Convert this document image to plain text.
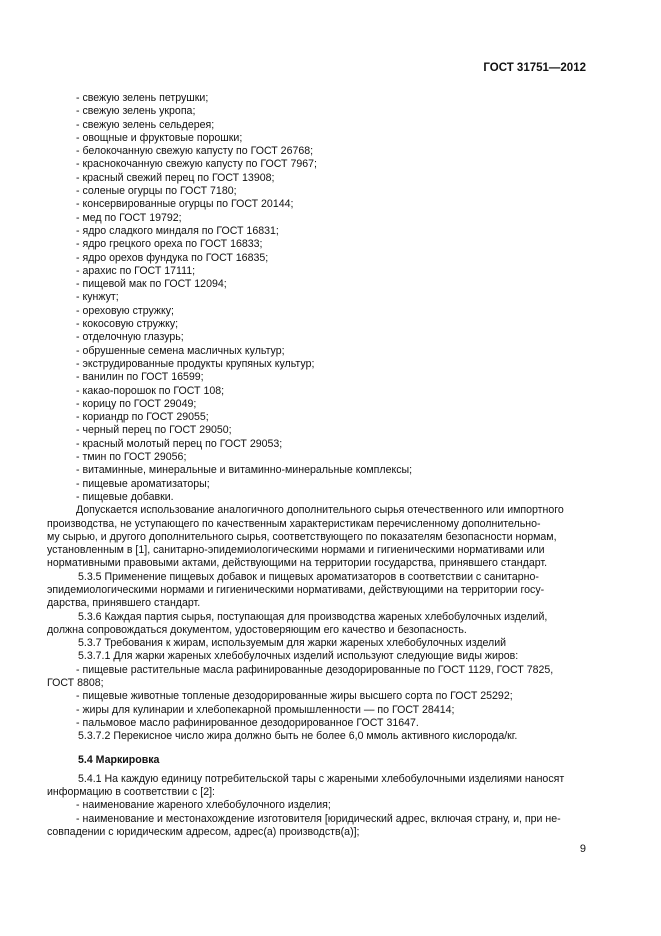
ГОСТ 31751—2012
- свежую зелень петрушки;
- свежую зелень укропа;
- свежую зелень сельдерея;
- овощные и фруктовые порошки;
- белокочанную свежую капусту по ГОСТ 26768;
- краснокочанную свежую капусту по ГОСТ 7967;
- красный свежий перец по ГОСТ 13908;
- соленые огурцы по ГОСТ 7180;
- консервированные огурцы по ГОСТ 20144;
- мед по ГОСТ 19792;
- ядро сладкого миндаля по ГОСТ 16831;
- ядро грецкого ореха по ГОСТ 16833;
- ядро орехов фундука по ГОСТ 16835;
- арахис по ГОСТ 17111;
- пищевой мак по ГОСТ 12094;
- кунжут;
- ореховую стружку;
- кокосовую стружку;
- отделочную глазурь;
- обрушенные семена масличных культур;
- экструдированные продукты крупяных культур;
- ванилин по ГОСТ 16599;
- какао-порошок по ГОСТ 108;
- корицу по ГОСТ 29049;
- кориандр по ГОСТ 29055;
- черный перец по ГОСТ 29050;
- красный молотый перец по ГОСТ 29053;
- тмин по ГОСТ 29056;
- витаминные, минеральные и витаминно-минеральные комплексы;
- пищевые ароматизаторы;
- пищевые добавки.
Допускается использование аналогичного дополнительного сырья отечественного или импортного
производства, не уступающего по качественным характеристикам перечисленному дополнительно-
му сырью, и другого дополнительного сырья, соответствующего по показателям безопасности нормам,
установленным в [1], санитарно-эпидемиологическими нормами и гигиеническими нормативами или
нормативными правовыми актами, действующими на территории государства, принявшего стандарт.
5.3.5 Применение пищевых добавок и пищевых ароматизаторов в соответствии с санитарно-
эпидемиологическими нормами и гигиеническими нормативами, действующими на территории госу-
дарства, принявшего стандарт.
5.3.6 Каждая партия сырья, поступающая для производства жареных хлебобулочных изделий,
должна сопровождаться документом, удостоверяющим его качество и безопасность.
5.3.7 Требования к жирам, используемым для жарки жареных хлебобулочных изделий
5.3.7.1 Для жарки жареных хлебобулочных изделий используют следующие виды жиров:
- пищевые растительные масла рафинированные дезодорированные по ГОСТ 1129, ГОСТ 7825,
ГОСТ 8808;
- пищевые животные топленые дезодорированные жиры высшего сорта по ГОСТ 25292;
- жиры для кулинарии и хлебопекарной промышленности — по ГОСТ 28414;
- пальмовое масло рафинированное дезодорированное ГОСТ 31647.
5.3.7.2 Перекисное число жира должно быть не более 6,0 ммоль активного кислорода/кг.
5.4 Маркировка
5.4.1 На каждую единицу потребительской тары с жареными хлебобулочными изделиями наносят
информацию в соответствии с [2]:
- наименование жареного хлебобулочного изделия;
- наименование и местонахождение изготовителя [юридический адрес, включая страну, и, при не-
совпадении с юридическим адресом, адрес(а) производств(а)];
9
